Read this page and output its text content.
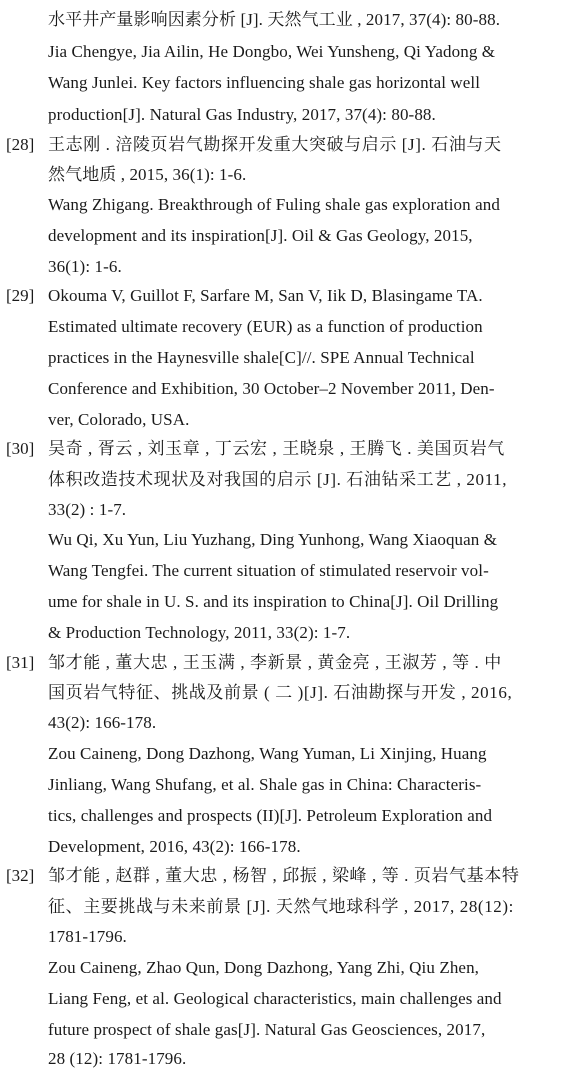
水平井产量影响因素分析 [J]. 天然气工业 , 2017, 37(4): 80-88.
Jia Chengye, Jia Ailin, He Dongbo, Wei Yunsheng, Qi Yadong &
Wang Junlei. Key factors influencing shale gas horizontal well
production[J]. Natural Gas Industry, 2017, 37(4): 80-88.
[28] 王志刚 . 涪陵页岩气勘探开发重大突破与启示 [J]. 石油与天
然气地质 , 2015, 36(1): 1-6.
Wang Zhigang. Breakthrough of Fuling shale gas exploration and
development and its inspiration[J]. Oil & Gas Geology, 2015,
36(1): 1-6.
[29] Okouma V, Guillot F, Sarfare M, San V, Iik D, Blasingame TA.
Estimated ultimate recovery (EUR) as a function of production
practices in the Haynesville shale[C]//. SPE Annual Technical
Conference and Exhibition, 30 October–2 November 2011, Den-
ver, Colorado, USA.
[30] 吴奇 , 胥云 , 刘玉章 , 丁云宏 , 王晓泉 , 王腾飞 . 美国页岩气
体积改造技术现状及对我国的启示 [J]. 石油钻采工艺 , 2011,
33(2) : 1-7.
Wu Qi, Xu Yun, Liu Yuzhang, Ding Yunhong, Wang Xiaoquan &
Wang Tengfei. The current situation of stimulated reservoir vol-
ume for shale in U. S. and its inspiration to China[J]. Oil Drilling
& Production Technology, 2011, 33(2): 1-7.
[31] 邹才能 , 董大忠 , 王玉满 , 李新景 , 黄金亮 , 王淑芳 , 等 . 中
国页岩气特征、挑战及前景 ( 二 )[J]. 石油勘探与开发 , 2016,
43(2): 166-178.
Zou Caineng, Dong Dazhong, Wang Yuman, Li Xinjing, Huang
Jinliang, Wang Shufang, et al. Shale gas in China: Characteris-
tics, challenges and prospects (II)[J]. Petroleum Exploration and
Development, 2016, 43(2): 166-178.
[32] 邹才能 , 赵群 , 董大忠 , 杨智 , 邱振 , 梁峰 , 等 . 页岩气基本特
征、主要挑战与未来前景 [J]. 天然气地球科学 , 2017, 28(12):
1781-1796.
Zou Caineng, Zhao Qun, Dong Dazhong, Yang Zhi, Qiu Zhen,
Liang Feng, et al. Geological characteristics, main challenges and
future prospect of shale gas[J]. Natural Gas Geosciences, 2017,
28 (12): 1781-1796.
